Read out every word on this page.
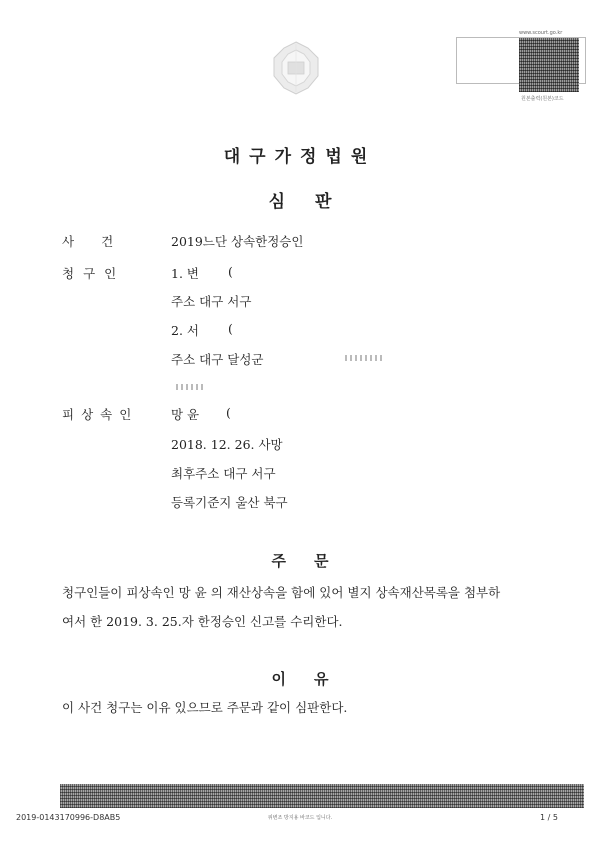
www.scourt.go.kr
원본출력(원본)코드
대구가정법원
심판
사건 2019느단 상속한정승인
청구인	1. 변 (
주소 대구 서구
2. 서 (
주소 대구 달성군
피상속인	망 윤 (
2018. 12. 26. 사망
최후주소 대구 서구
등록기준지 울산 북구
주문
청구인들이 피상속인 망 윤 의 재산상속을 함에 있어 별지 상속재산목록을 첨부하
여서 한 2019. 3. 25.자 한정승인 신고를 수리한다.
이유
이 사건 청구는 이유 있으므로 주문과 같이 심판한다.
2019-0143170996-D8AB5	위변조 방지용 바코드 입니다.	1 / 5
